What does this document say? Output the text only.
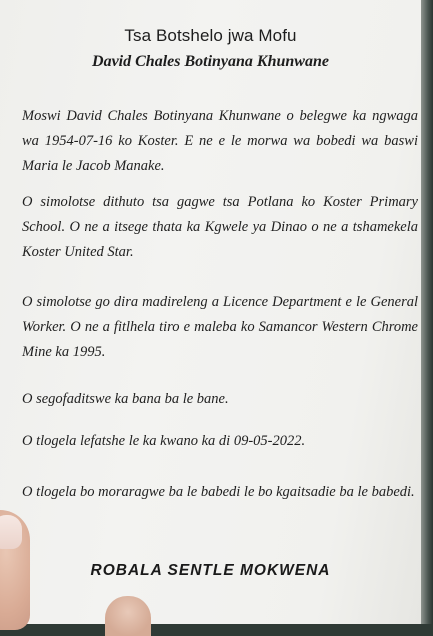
Tsa Botshelo jwa Mofu
David Chales Botinyana Khunwane

Moswi David Chales Botinyana Khunwane o belegwe ka ngwaga wa 1954-07-16 ko Koster. E ne e le morwa wa bobedi wa baswi Maria le Jacob Manake.

O simolotse dithuto tsa gagwe tsa Potlana ko Koster Primary School. O ne a itsege thata ka Kgwele ya Dinao o ne a tshamekela Koster United Star.

O simolotse go dira madireleng a Licence Department e le General Worker. O ne a fitlhela tiro e maleba ko Samancor Western Chrome Mine ka 1995.

O segofaditswe ka bana ba le bane.

O tlogela lefatshe le ka kwano ka di 09-05-2022.

O tlogela bo moraragwe ba le babedi le bo kgaitsadie ba le babedi.

ROBALA SENTLE MOKWENA
